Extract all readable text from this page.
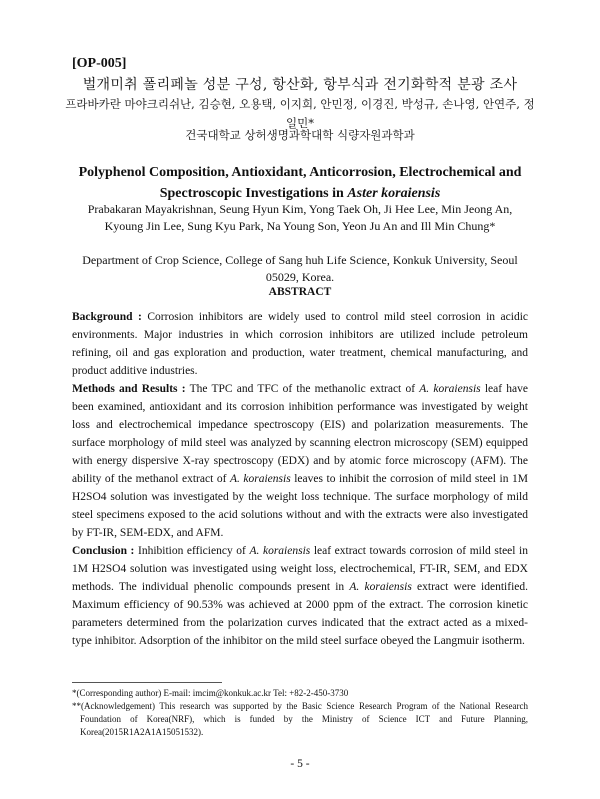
[OP-005]
벌개미취 폴리페놀 성분 구성, 항산화, 항부식과 전기화학적 분광 조사
프라바카란 마야크리쉬난, 김승현, 오용택, 이지희, 안민정, 이경진, 박성규, 손나영, 안연주, 정일민*
건국대학교 상허생명과학대학 식량자원과학과
Polyphenol Composition, Antioxidant, Anticorrosion, Electrochemical and Spectroscopic Investigations in Aster koraiensis
Prabakaran Mayakrishnan, Seung Hyun Kim, Yong Taek Oh, Ji Hee Lee, Min Jeong An, Kyoung Jin Lee, Sung Kyu Park, Na Young Son, Yeon Ju An and Ill Min Chung*
Department of Crop Science, College of Sang huh Life Science, Konkuk University, Seoul 05029, Korea.
ABSTRACT

Background : Corrosion inhibitors are widely used to control mild steel corrosion in acidic environments. Major industries in which corrosion inhibitors are utilized include petroleum refining, oil and gas exploration and production, water treatment, chemical manufacturing, and product additive industries.

Methods and Results : The TPC and TFC of the methanolic extract of A. koraiensis leaf have been examined, antioxidant and its corrosion inhibition performance was investigated by weight loss and electrochemical impedance spectroscopy (EIS) and polarization measurements. The surface morphology of mild steel was analyzed by scanning electron microscopy (SEM) equipped with energy dispersive X-ray spectroscopy (EDX) and by atomic force microscopy (AFM). The ability of the methanol extract of A. koraiensis leaves to inhibit the corrosion of mild steel in 1M H2SO4 solution was investigated by the weight loss technique. The surface morphology of mild steel specimens exposed to the acid solutions without and with the extracts were also investigated by FT-IR, SEM-EDX, and AFM.

Conclusion : Inhibition efficiency of A. koraiensis leaf extract towards corrosion of mild steel in 1M H2SO4 solution was investigated using weight loss, electrochemical, FT-IR, SEM, and EDX methods. The individual phenolic compounds present in A. koraiensis extract were identified. Maximum efficiency of 90.53% was achieved at 2000 ppm of the extract. The corrosion kinetic parameters determined from the polarization curves indicated that the extract acted as a mixed-type inhibitor. Adsorption of the inhibitor on the mild steel surface obeyed the Langmuir isotherm.

*(Corresponding author) E-mail: imcim@konkuk.ac.kr Tel: +82-2-450-3730

**(Acknowledgement) This research was supported by the Basic Science Research Program of the National Research Foundation of Korea(NRF), which is funded by the Ministry of Science ICT and Future Planning, Korea(2015R1A2A1A15051532).

- 5 -
